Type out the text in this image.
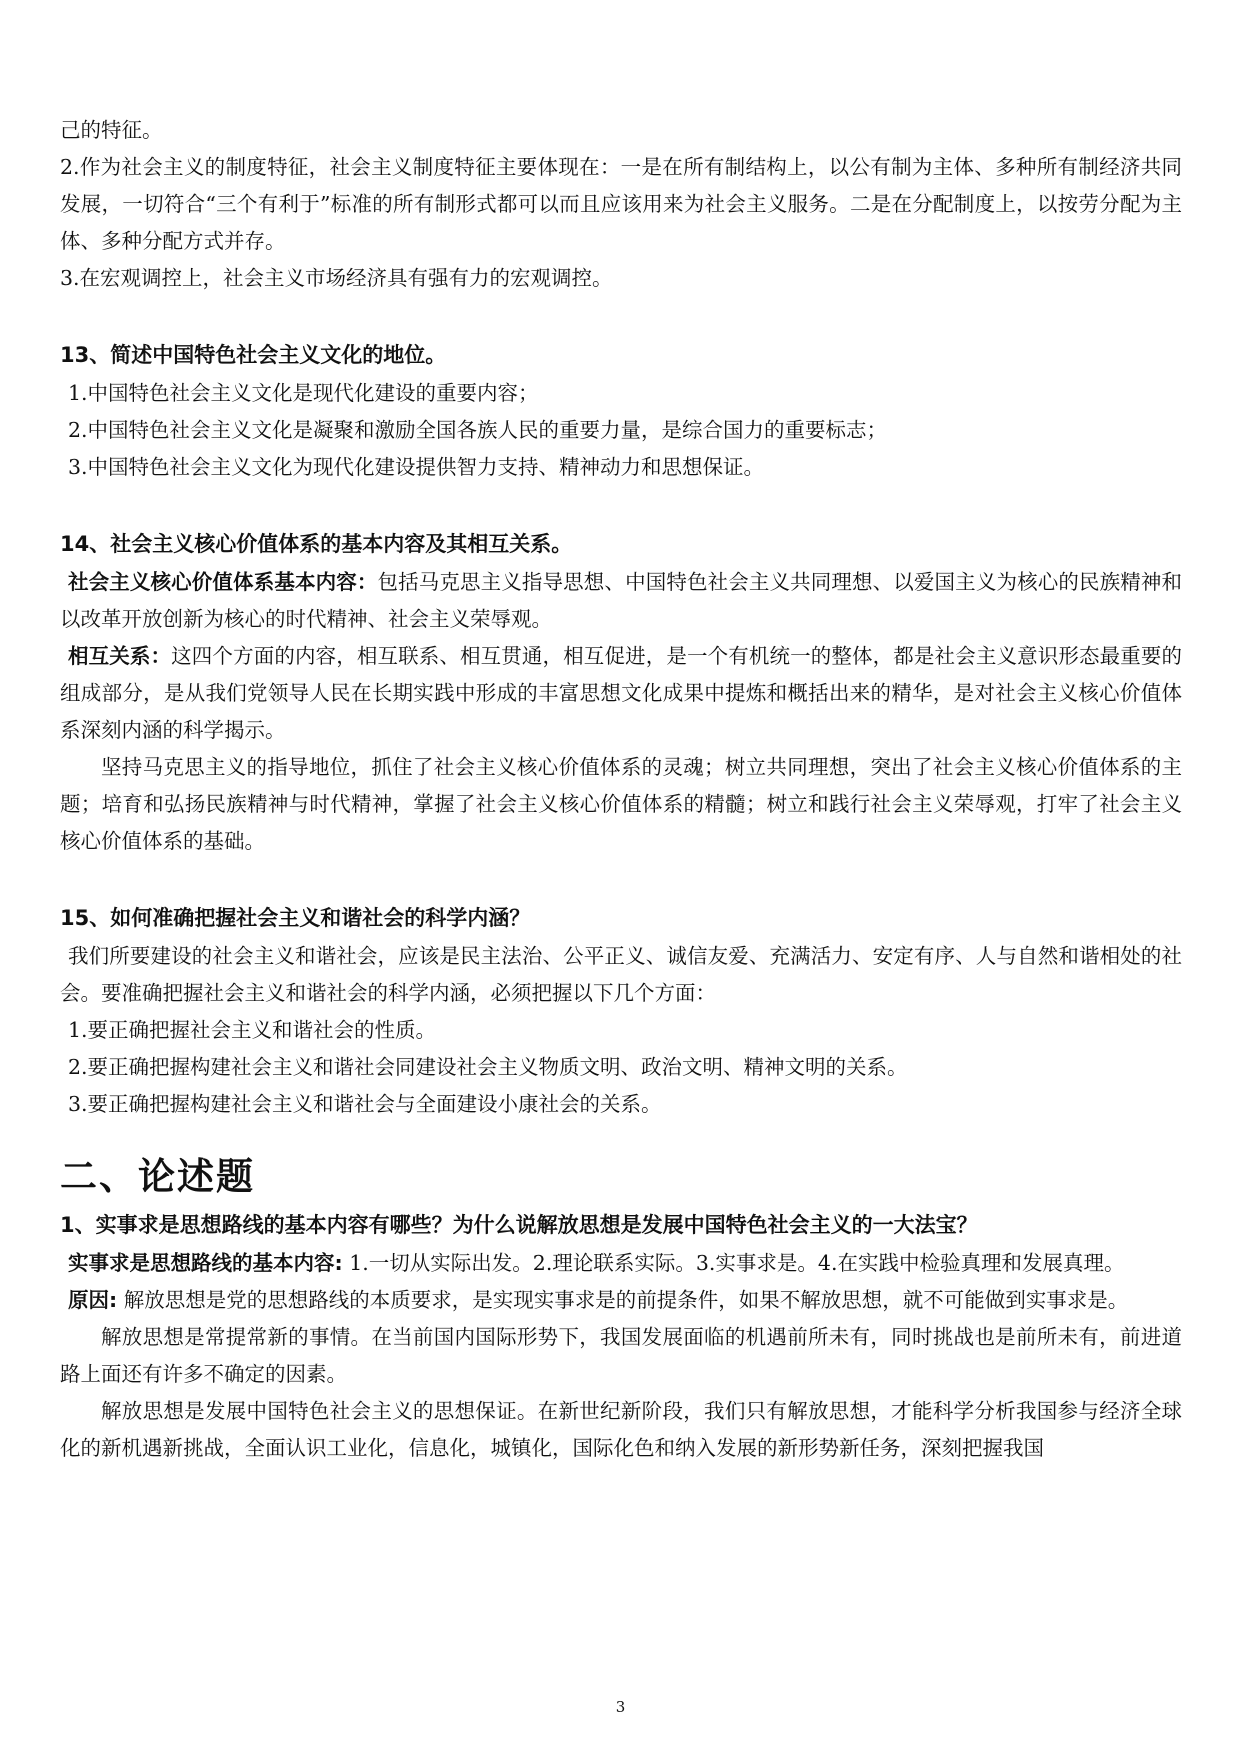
己的特征。

2.作为社会主义的制度特征，社会主义制度特征主要体现在：一是在所有制结构上，以公有制为主体、多种所有制经济共同发展，一切符合“三个有利于”标准的所有制形式都可以而且应该用来为社会主义服务。二是在分配制度上，以按劳分配为主体、多种分配方式并存。

3.在宏观调控上，社会主义市场经济具有强有力的宏观调控。

13、简述中国特色社会主义文化的地位。

1.中国特色社会主义文化是现代化建设的重要内容；

2.中国特色社会主义文化是凝聚和激励全国各族人民的重要力量，是综合国力的重要标志；

3.中国特色社会主义文化为现代化建设提供智力支持、精神动力和思想保证。

14、社会主义核心价值体系的基本内容及其相互关系。

社会主义核心价值体系基本内容：包括马克思主义指导思想、中国特色社会主义共同理想、以爱国主义为核心的民族精神和以改革开放创新为核心的时代精神、社会主义荣辱观。

相互关系：这四个方面的内容，相互联系、相互贯通，相互促进，是一个有机统一的整体，都是社会主义意识形态最重要的组成部分，是从我们党领导人民在长期实践中形成的丰富思想文化成果中提炼和概括出来的精华，是对社会主义核心价值体系深刻内涵的科学揭示。

坚持马克思主义的指导地位，抓住了社会主义核心价值体系的灵魂；树立共同理想，突出了社会主义核心价值体系的主题；培育和弘扬民族精神与时代精神，掌握了社会主义核心价值体系的精髓；树立和践行社会主义荣辱观，打牢了社会主义核心价值体系的基础。

15、如何准确把握社会主义和谐社会的科学内涵？

我们所要建设的社会主义和谐社会，应该是民主法治、公平正义、诚信友爱、充满活力、安定有序、人与自然和谐相处的社会。要准确把握社会主义和谐社会的科学内涵，必须把握以下几个方面：

1.要正确把握社会主义和谐社会的性质。

2.要正确把握构建社会主义和谐社会同建设社会主义物质文明、政治文明、精神文明的关系。

3.要正确把握构建社会主义和谐社会与全面建设小康社会的关系。

二、论述题
1、实事求是思想路线的基本内容有哪些？为什么说解放思想是发展中国特色社会主义的一大法宝？

实事求是思想路线的基本内容: 1.一切从实际出发。2.理论联系实际。3.实事求是。4.在实践中检验真理和发展真理。

原因: 解放思想是党的思想路线的本质要求，是实现实事求是的前提条件，如果不解放思想，就不可能做到实事求是。

解放思想是常提常新的事情。在当前国内国际形势下，我国发展面临的机遇前所未有，同时挑战也是前所未有，前进道路上面还有许多不确定的因素。

解放思想是发展中国特色社会主义的思想保证。在新世纪新阶段，我们只有解放思想，才能科学分析我国参与经济全球化的新机遇新挑战，全面认识工业化，信息化，城镇化，国际化色和纳入发展的新形势新任务，深刻把握我国

3
